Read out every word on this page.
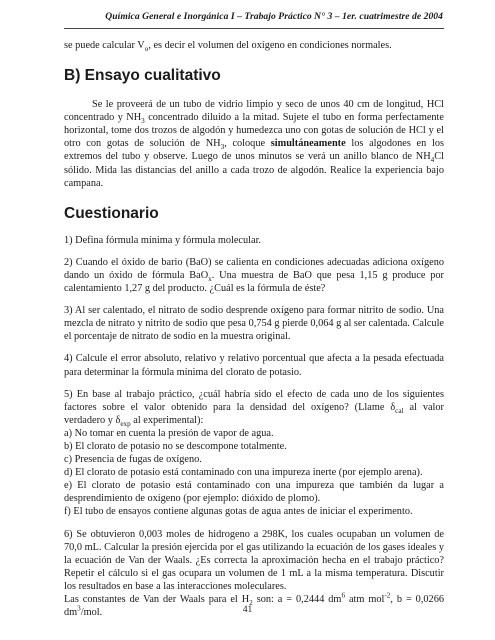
Química General e Inorgánica I – Trabajo Práctico N° 3 – 1er. cuatrimestre de 2004

se puede calcular $V_o$, es decir el volumen del oxígeno en condiciones normales.

B) Ensayo cualitativo

Se le proveerá de un tubo de vidrio limpio y seco de unos 40 cm de longitud, HCl concentrado y $NH_3$ concentrado diluido a la mitad. Sujete el tubo en forma perfectamente horizontal, tome dos trozos de algodón y humedezca uno con gotas de solución de HCl y el otro con gotas de solución de $NH_3$, coloque simultáneamente los algodones en los extremos del tubo y observe. Luego de unos minutos se verá un anillo blanco de $NH_4Cl$ sólido. Mida las distancias del anillo a cada trozo de algodón. Realice la experiencia bajo campana.

Cuestionario

1) Defina fórmula mínima y fórmula molecular.

2) Cuando el óxido de bario (BaO) se calienta en condiciones adecuadas adiciona oxígeno dando un óxido de fórmula BaO$_x$. Una muestra de BaO que pesa 1,15 g produce por calentamiento 1,27 g del producto. ¿Cuál es la fórmula de éste?

3) Al ser calentado, el nitrato de sodio desprende oxígeno para formar nitrito de sodio. Una mezcla de nitrato y nitrito de sodio que pesa 0,754 g pierde 0,064 g al ser calentada. Calcule el porcentaje de nitrato de sodio en la muestra original.

4) Calcule el error absoluto, relativo y relativo porcentual que afecta a la pesada efectuada para determinar la fórmula mínima del clorato de potasio.

5) En base al trabajo práctico, ¿cuál habría sido el efecto de cada uno de los siguientes factores sobre el valor obtenido para la densidad del oxígeno? (Llame $\delta_{cal}$ al valor verdadero y $\delta_{exp}$ al experimental):

a) No tomar en cuenta la presión de vapor de agua.

b) El clorato de potasio no se descompone totalmente.

c) Presencia de fugas de oxígeno.

d) El clorato de potasio está contaminado con una impureza inerte (por ejemplo arena).

e) El clorato de potasio está contaminado con una impureza que también da lugar a desprendimiento de oxígeno (por ejemplo: dióxido de plomo).

f) El tubo de ensayos contiene algunas gotas de agua antes de iniciar el experimento.

6) Se obtuvieron 0,003 moles de hidrogeno a 298K, los cuales ocupaban un volumen de 70,0 mL. Calcular la presión ejercida por el gas utilizando la ecuación de los gases ideales y la ecuación de Van der Waals. ¿Es correcta la aproximación hecha en el trabajo práctico? Repetir el cálculo si el gas ocupara un volumen de 1 mL a la misma temperatura. Discutir los resultados en base a las interacciones moleculares.

Las constantes de Van der Waals para el $H_2$ son: a = 0,2444 $dm^6$ atm mol$^{-2}$, b = 0,0266 $dm^3$/mol.	41
